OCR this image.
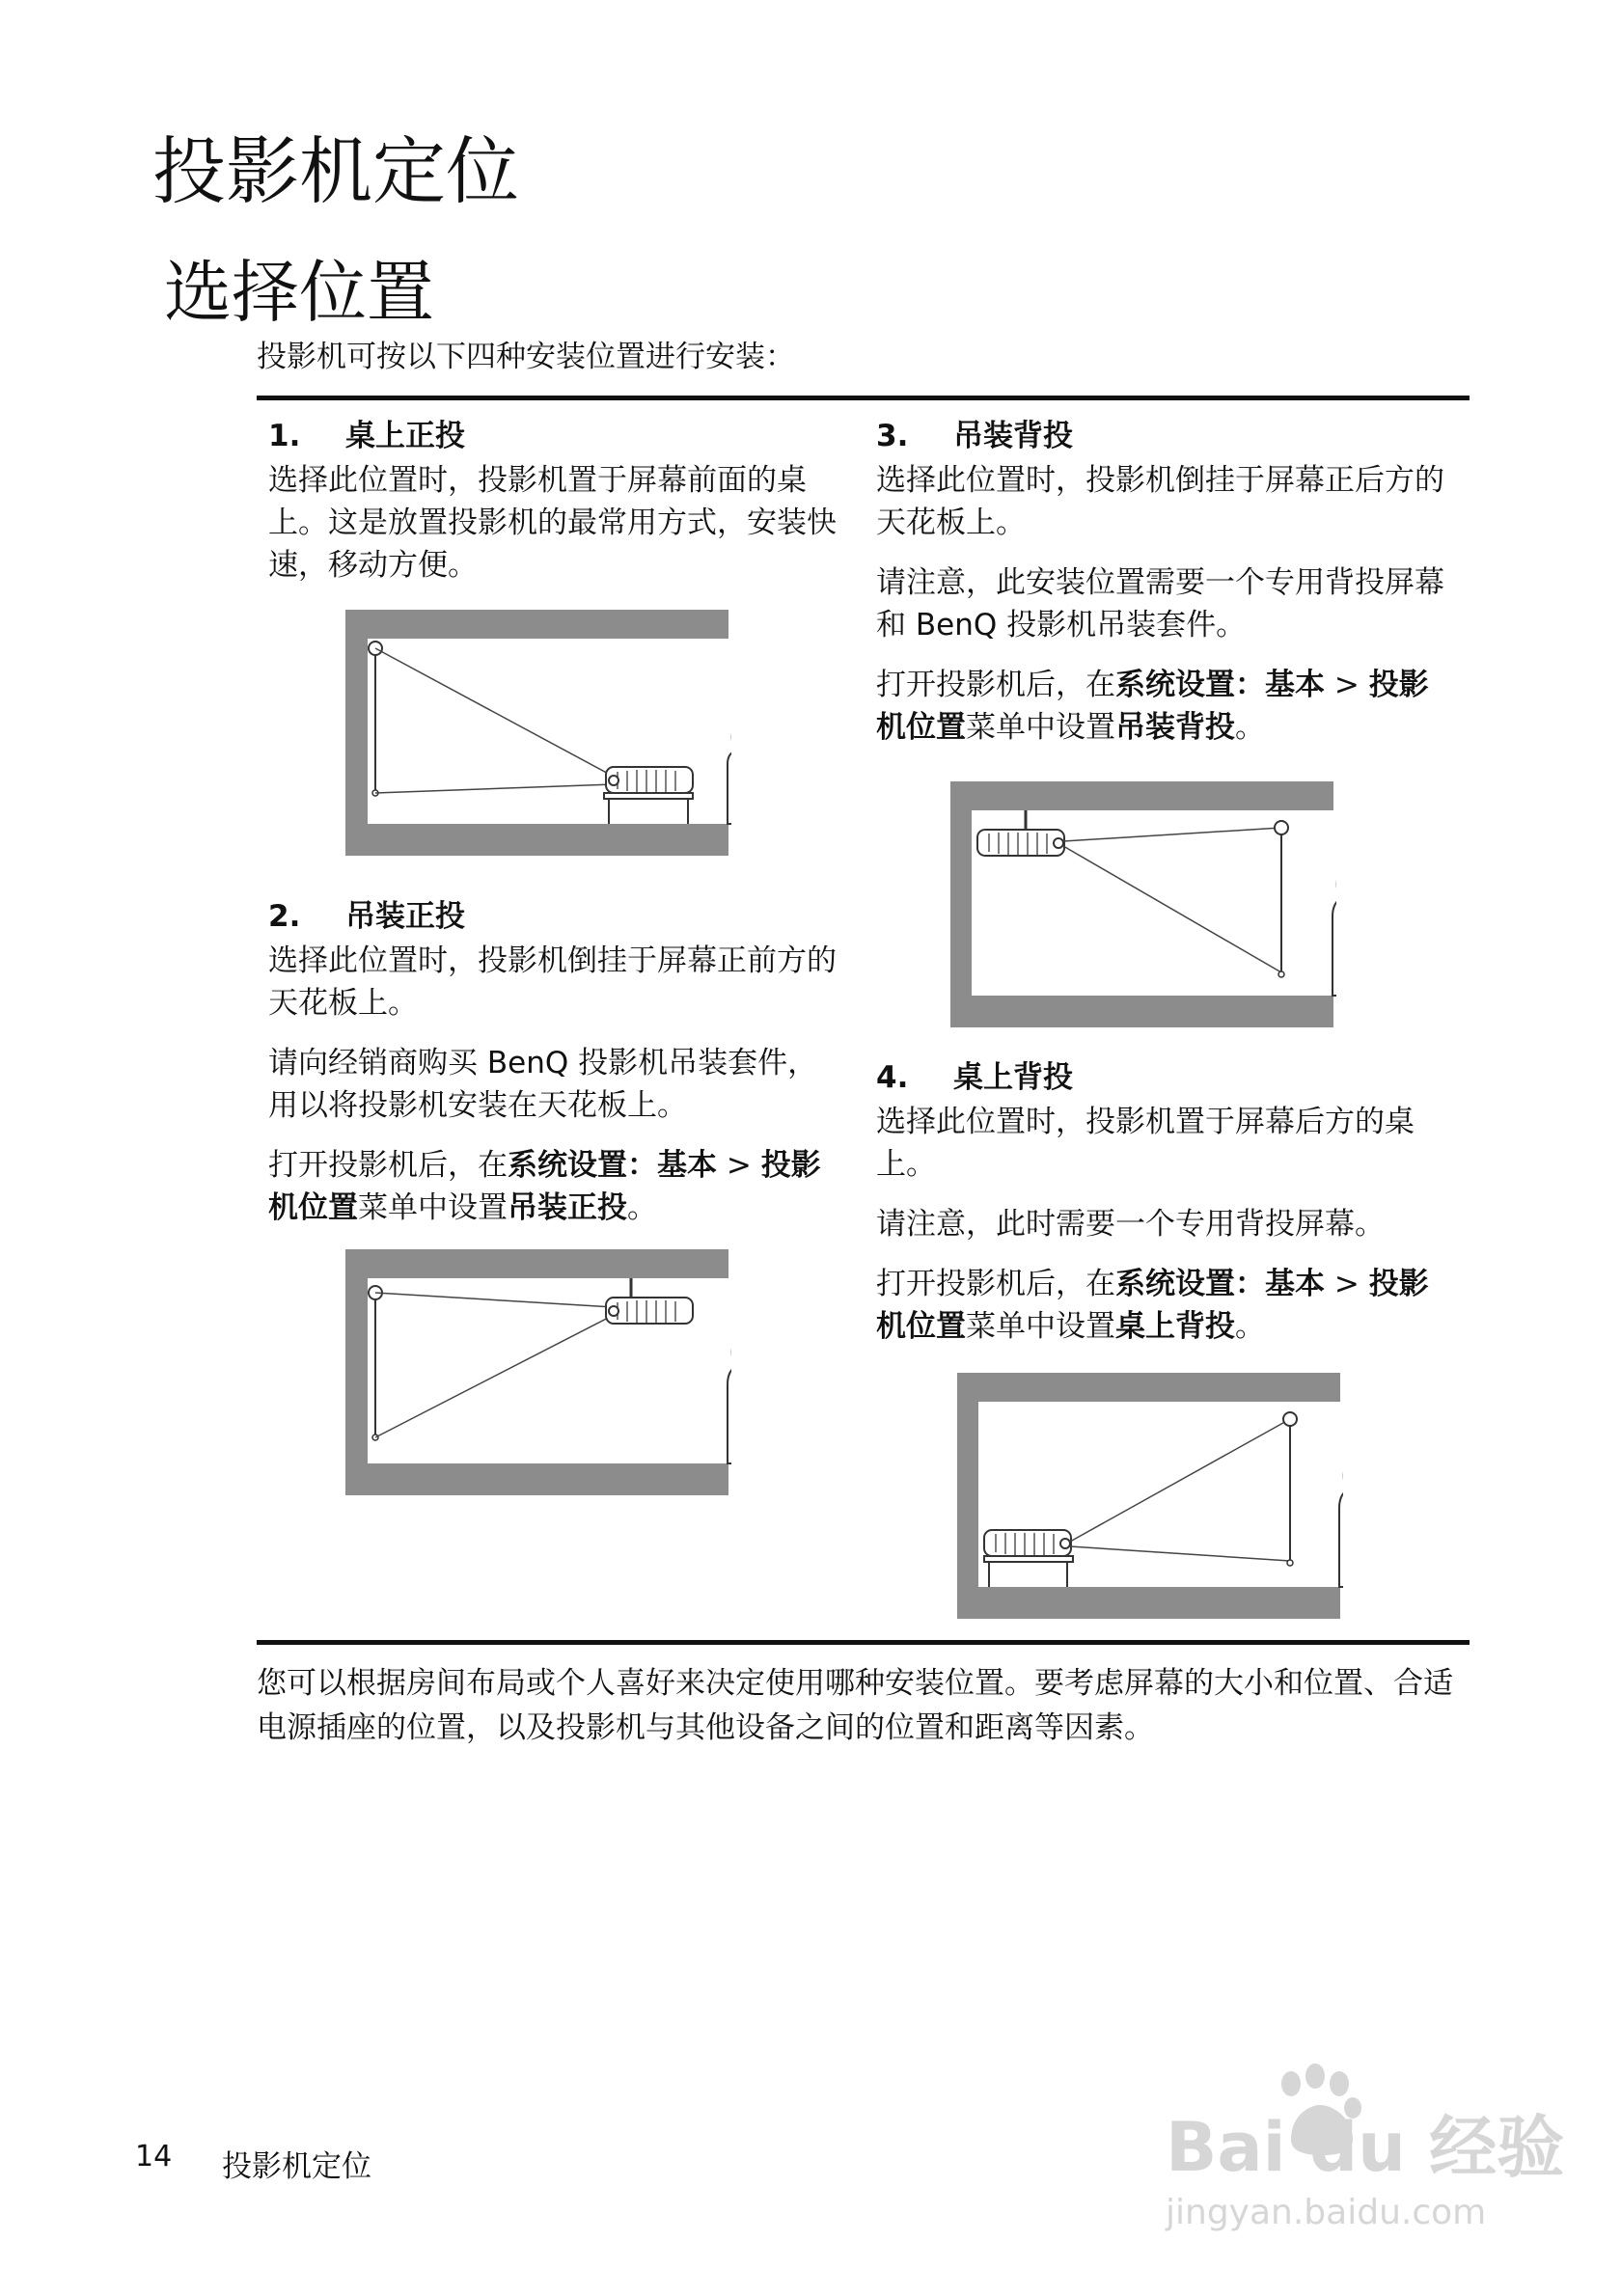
投影机定位
选择位置
投影机可按以下四种安装位置进行安装：
1. 桌上正投

选择此位置时，投影机置于屏幕前面的桌上。这是放置投影机的最常用方式，安装快速，移动方便。

2. 吊装正投

选择此位置时，投影机倒挂于屏幕正前方的天花板上。

请向经销商购买 BenQ 投影机吊装套件，用以将投影机安装在天花板上。

打开投影机后，在系统设置：基本 > 投影机位置菜单中设置吊装正投。

3. 吊装背投

选择此位置时，投影机倒挂于屏幕正后方的天花板上。

请注意，此安装位置需要一个专用背投屏幕和 BenQ 投影机吊装套件。

打开投影机后，在系统设置：基本 > 投影机位置菜单中设置吊装背投。

4. 桌上背投

选择此位置时，投影机置于屏幕后方的桌上。

请注意，此时需要一个专用背投屏幕。

打开投影机后，在系统设置：基本 > 投影机位置菜单中设置桌上背投。

您可以根据房间布局或个人喜好来决定使用哪种安装位置。要考虑屏幕的大小和位置、合适电源插座的位置，以及投影机与其他设备之间的位置和距离等因素。
14 投影机定位	Bai du 经验
jingyan.baidu.com
